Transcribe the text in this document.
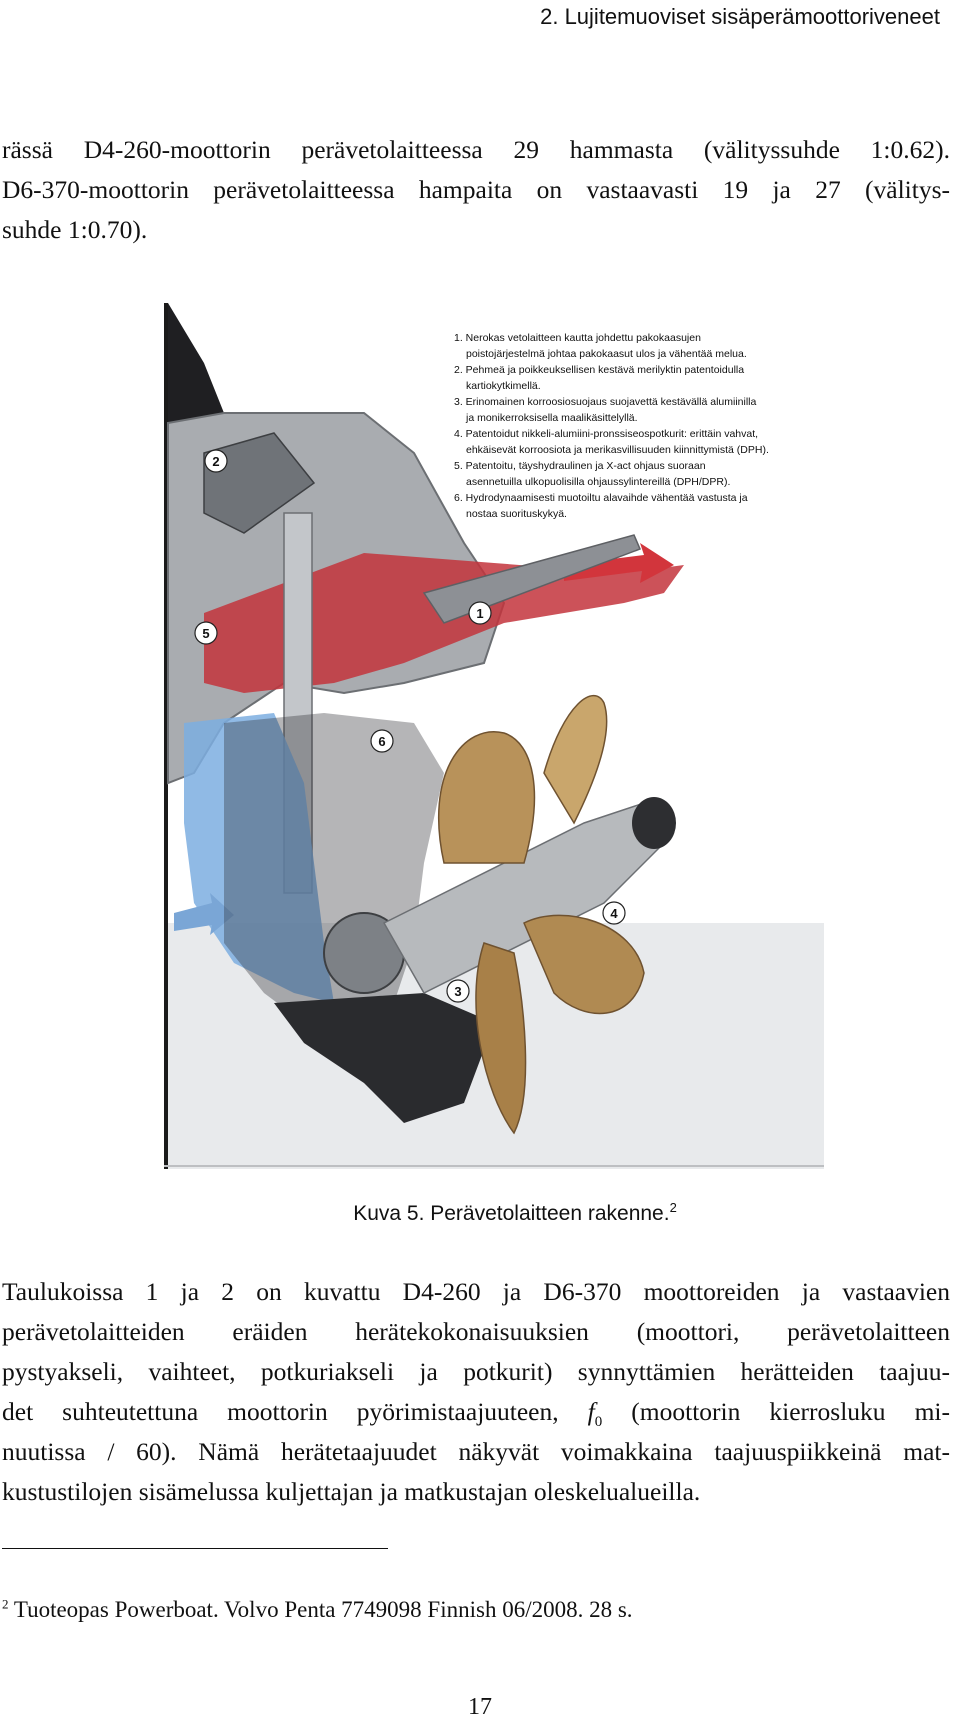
2. Lujitemuoviset sisäperämoottoriveneet
rässä D4-260-moottorin perävetolaitteessa 29 hammasta (välityssuhde 1:0.62).
D6-370-moottorin perävetolaitteessa hampaita on vastaavasti 19 ja 27 (välitys-
suhde 1:0.70).
1
2
3
4
5
6
1. Nerokas vetolaitteen kautta johdettu pakokaasujen
poistojärjestelmä johtaa pakokaasut ulos ja vähentää melua.
2. Pehmeä ja poikkeuksellisen kestävä merilyktin patentoidulla
kartiokytkimellä.
3. Erinomainen korroosiosuojaus suojavettä kestävällä alumiinilla
ja monikerroksisella maalikäsittelyllä.
4. Patentoidut nikkeli-alumiini-pronssiseospotkurit: erittäin vahvat,
ehkäisevät korroosiota ja merikasvillisuuden kiinnittymistä (DPH).
5. Patentoitu, täyshydraulinen ja X-act ohjaus suoraan
asennetuilla ulkopuolisilla ohjaussylintereillä (DPH/DPR).
6. Hydrodynaamisesti muotoiltu alavaihde vähentää vastusta ja
nostaa suorituskykyä.
Kuva 5. Perävetolaitteen rakenne.$^2$
Taulukoissa 1 ja 2 on kuvattu D4-260 ja D6-370 moottoreiden ja vastaavien
perävetolaitteiden eräiden herätekokonaisuuksien (moottori, perävetolaitteen
pystyakseli, vaihteet, potkuriakseli ja potkurit) synnyttämien herätteiden taajuu-
det suhteutettuna moottorin pyörimistaajuuteen, $f_0$ (moottorin kierrosluku mi-
nuutissa / 60). Nämä herätetaajuudet näkyvät voimakkaina taajuuspiikkeinä mat-
kustustilojen sisämelussa kuljettajan ja matkustajan oleskelualueilla.
$^2$ Tuoteopas Powerboat. Volvo Penta 7749098 Finnish 06/2008. 28 s.
17
